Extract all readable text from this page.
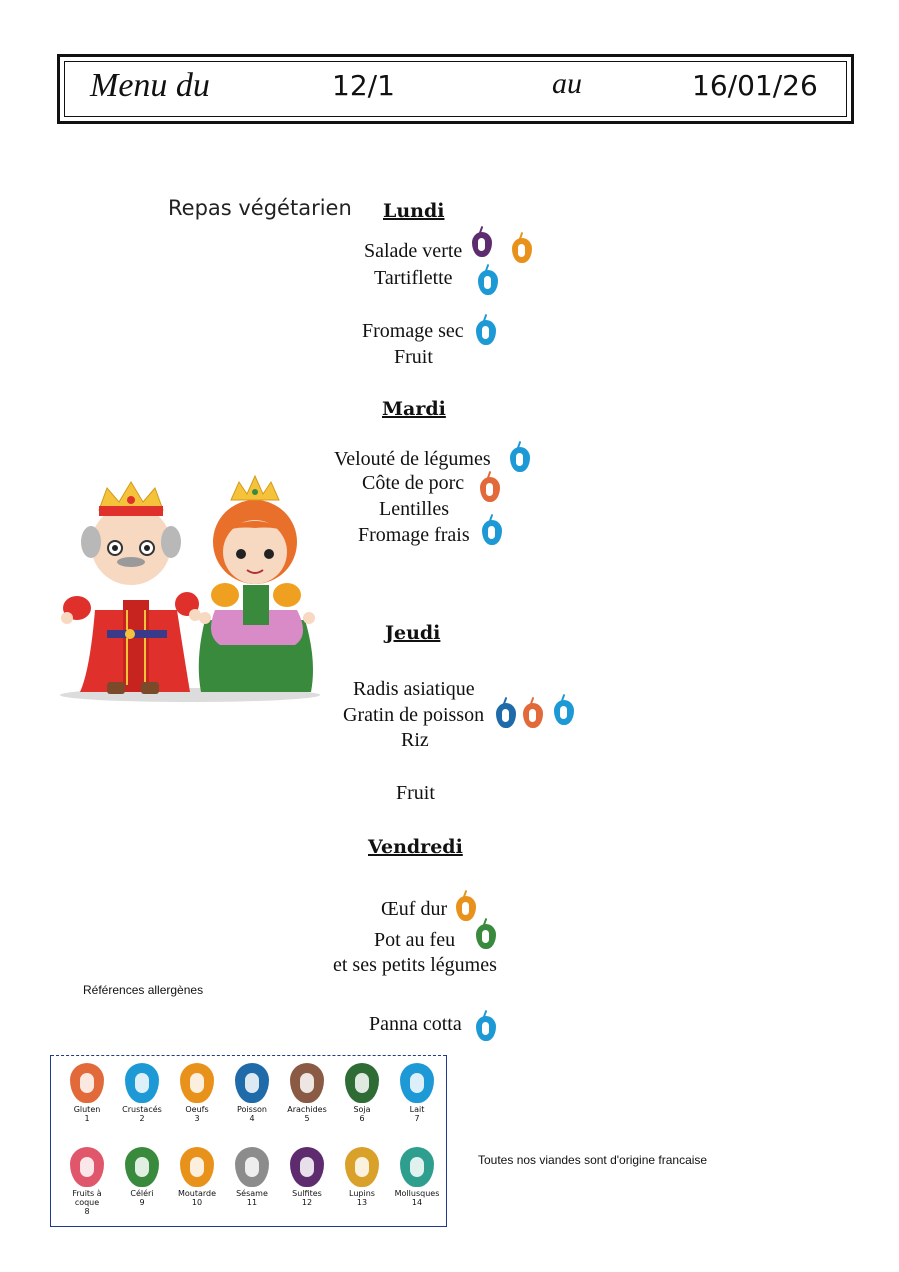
Menu du	12/1	au	16/01/26
Repas végétarien Lundi
Salade verte
Tartiflette
Fromage sec
Fruit
Mardi
Velouté de légumes
Côte de porc
Lentilles
Fromage frais
Jeudi
Radis asiatique
Gratin de poisson
Riz
Fruit
Vendredi
Œuf dur
Pot au feu
et ses petits légumes
Panna cotta
Références allergènes
Toutes nos viandes sont d'origine francaise
Gluten
1
Crustacés
2
Oeufs
3
Poisson
4
Arachides
5
Soja
6
Lait
7
Fruits à coque
8
Céléri
9
Moutarde
10
Sésame
11
Sulfites
12
Lupins
13
Mollusques
14
